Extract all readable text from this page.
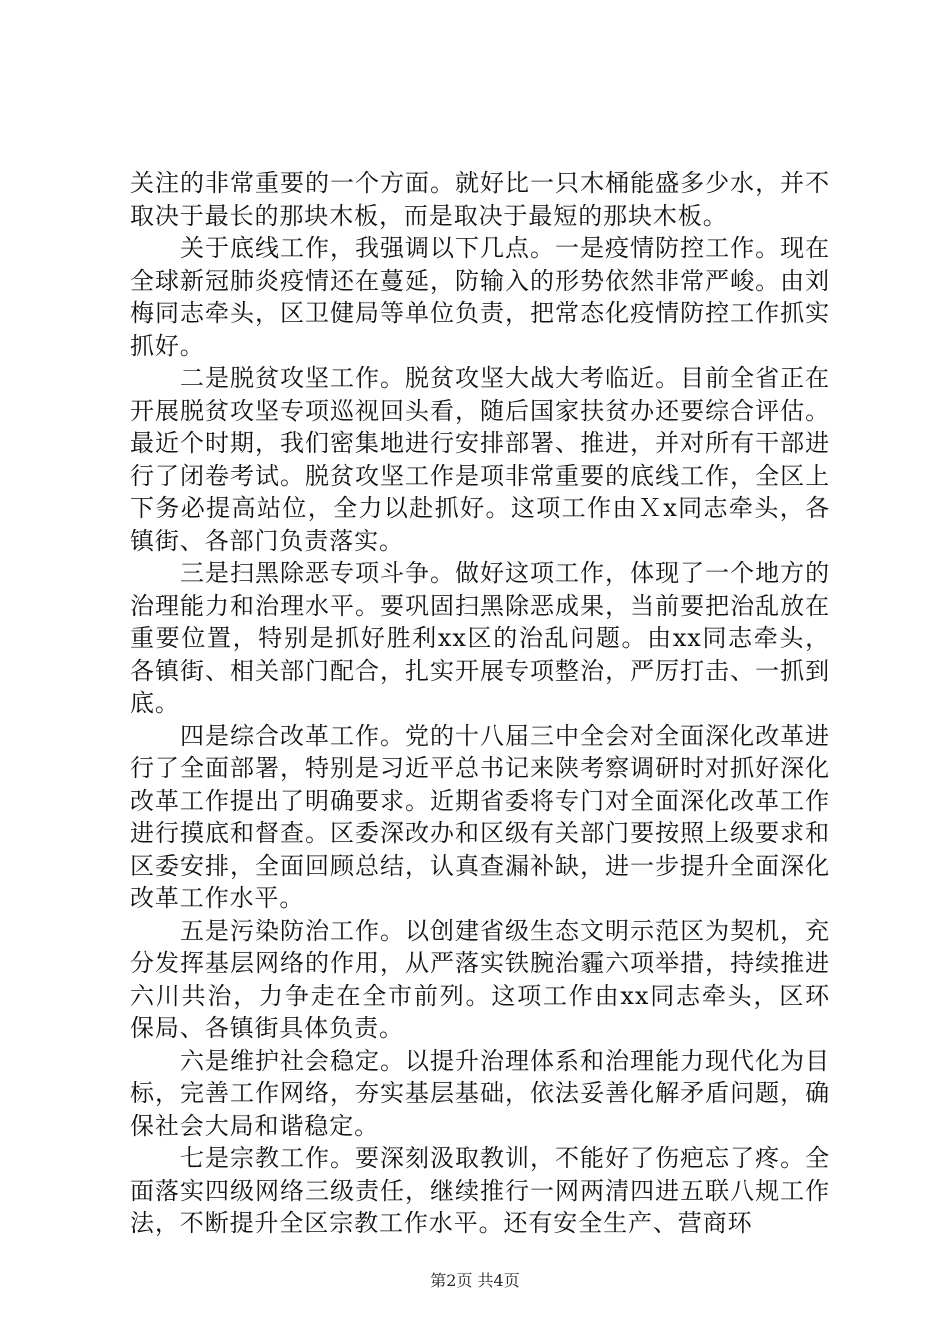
关注的非常重要的一个方面。就好比一只木桶能盛多少水，并不取决于最长的那块木板，而是取决于最短的那块木板。

关于底线工作，我强调以下几点。一是疫情防控工作。现在全球新冠肺炎疫情还在蔓延，防输入的形势依然非常严峻。由刘梅同志牵头，区卫健局等单位负责，把常态化疫情防控工作抓实抓好。

二是脱贫攻坚工作。脱贫攻坚大战大考临近。目前全省正在开展脱贫攻坚专项巡视回头看，随后国家扶贫办还要综合评估。最近个时期，我们密集地进行安排部署、推进，并对所有干部进行了闭卷考试。脱贫攻坚工作是项非常重要的底线工作，全区上下务必提高站位，全力以赴抓好。这项工作由Ｘx同志牵头，各镇街、各部门负责落实。

三是扫黑除恶专项斗争。做好这项工作，体现了一个地方的治理能力和治理水平。要巩固扫黑除恶成果，当前要把治乱放在重要位置，特别是抓好胜利xx区的治乱问题。由xx同志牵头，各镇街、相关部门配合，扎实开展专项整治，严厉打击、一抓到底。

四是综合改革工作。党的十八届三中全会对全面深化改革进行了全面部署，特别是习近平总书记来陕考察调研时对抓好深化改革工作提出了明确要求。近期省委将专门对全面深化改革工作进行摸底和督查。区委深改办和区级有关部门要按照上级要求和区委安排，全面回顾总结，认真查漏补缺，进一步提升全面深化改革工作水平。

五是污染防治工作。以创建省级生态文明示范区为契机，充分发挥基层网络的作用，从严落实铁腕治霾六项举措，持续推进六川共治，力争走在全市前列。这项工作由xx同志牵头，区环保局、各镇街具体负责。

六是维护社会稳定。以提升治理体系和治理能力现代化为目标，完善工作网络，夯实基层基础，依法妥善化解矛盾问题，确保社会大局和谐稳定。

七是宗教工作。要深刻汲取教训，不能好了伤疤忘了疼。全面落实四级网络三级责任，继续推行一网两清四进五联八规工作法，不断提升全区宗教工作水平。还有安全生产、营商环

第2页 共4页
